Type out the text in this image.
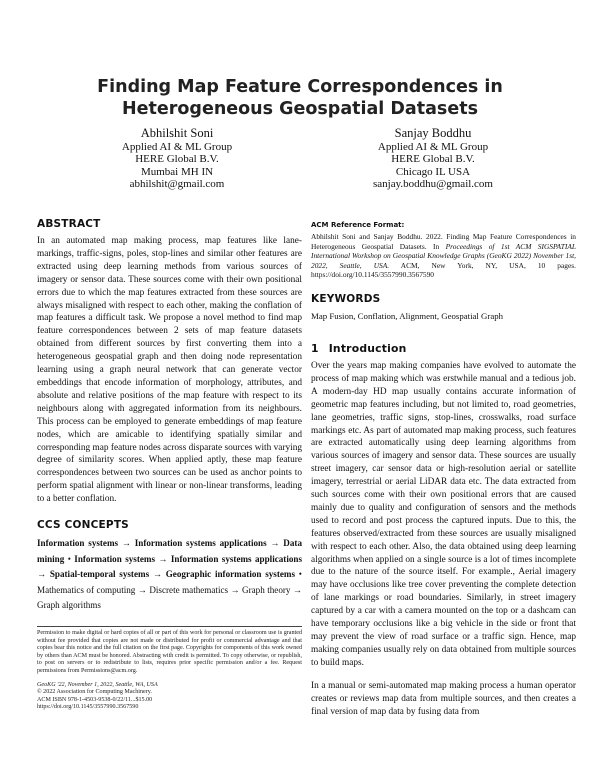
Finding Map Feature Correspondences in Heterogeneous Geospatial Datasets
Abhilshit Soni
Applied AI & ML Group
HERE Global B.V.
Mumbai MH IN
abhilshit@gmail.com
Sanjay Boddhu
Applied AI & ML Group
HERE Global B.V.
Chicago IL USA
sanjay.boddhu@gmail.com
ABSTRACT

In an automated map making process, map features like lane-markings, traffic-signs, poles, stop-lines and similar other features are extracted using deep learning methods from various sources of imagery or sensor data. These sources come with their own positional errors due to which the map features extracted from these sources are always misaligned with respect to each other, making the conflation of map features a difficult task. We propose a novel method to find map feature correspondences between 2 sets of map feature datasets obtained from different sources by first converting them into a heterogeneous geospatial graph and then doing node representation learning using a graph neural network that can generate vector embeddings that encode information of morphology, attributes, and absolute and relative positions of the map feature with respect to its neighbours along with aggregated information from its neighbours. This process can be employed to generate embeddings of map feature nodes, which are amicable to identifying spatially similar and corresponding map feature nodes across disparate sources with varying degree of similarity scores. When applied aptly, these map feature correspondences between two sources can be used as anchor points to perform spatial alignment with linear or non-linear transforms, leading to a better conflation.

CCS CONCEPTS

Information systems → Information systems applications → Data mining • Information systems → Information systems applications → Spatial-temporal systems → Geographic information systems • Mathematics of computing → Discrete mathematics → Graph theory → Graph algorithms

Permission to make digital or hard copies of all or part of this work for personal or classroom use is granted without fee provided that copies are not made or distributed for profit or commercial advantage and that copies bear this notice and the full citation on the first page. Copyrights for components of this work owned by others than ACM must be honored. Abstracting with credit is permitted. To copy otherwise, or republish, to post on servers or to redistribute to lists, requires prior specific permission and/or a fee. Request permissions from Permissions@acm.org.

GeoKG '22, November 1, 2022, Seattle, WA, USA
© 2022 Association for Computing Machinery.
ACM ISBN 978-1-4503-9538-0/22/11...$15.00
https://doi.org/10.1145/3557990.3567590
ACM Reference Format:

Abhilshit Soni and Sanjay Boddhu. 2022. Finding Map Feature Correspondences in Heterogeneous Geospatial Datasets. In Proceedings of 1st ACM SIGSPATIAL International Workshop on Geospatial Knowledge Graphs (GeoKG 2022) November 1st, 2022, Seattle, USA. ACM, New York, NY, USA, 10 pages. https://doi.org/10.1145/3557990.3567590

KEYWORDS

Map Fusion, Conflation, Alignment, Geospatial Graph

1 Introduction

Over the years map making companies have evolved to automate the process of map making which was erstwhile manual and a tedious job. A modern-day HD map usually contains accurate information of geometric map features including, but not limited to, road geometries, lane geometries, traffic signs, stop-lines, crosswalks, road surface markings etc. As part of automated map making process, such features are extracted automatically using deep learning algorithms from various sources of imagery and sensor data. These sources are usually street imagery, car sensor data or high-resolution aerial or satellite imagery, terrestrial or aerial LiDAR data etc. The data extracted from such sources come with their own positional errors that are caused mainly due to quality and configuration of sensors and the methods used to record and post process the captured inputs. Due to this, the features observed/extracted from these sources are usually misaligned with respect to each other. Also, the data obtained using deep learning algorithms when applied on a single source is a lot of times incomplete due to the nature of the source itself. For example., Aerial imagery may have occlusions like tree cover preventing the complete detection of lane markings or road boundaries. Similarly, in street imagery captured by a car with a camera mounted on the top or a dashcam can have temporary occlusions like a big vehicle in the side or front that may prevent the view of road surface or a traffic sign. Hence, map making companies usually rely on data obtained from multiple sources to build maps.

In a manual or semi-automated map making process a human operator creates or reviews map data from multiple sources, and then creates a final version of map data by fusing data from
